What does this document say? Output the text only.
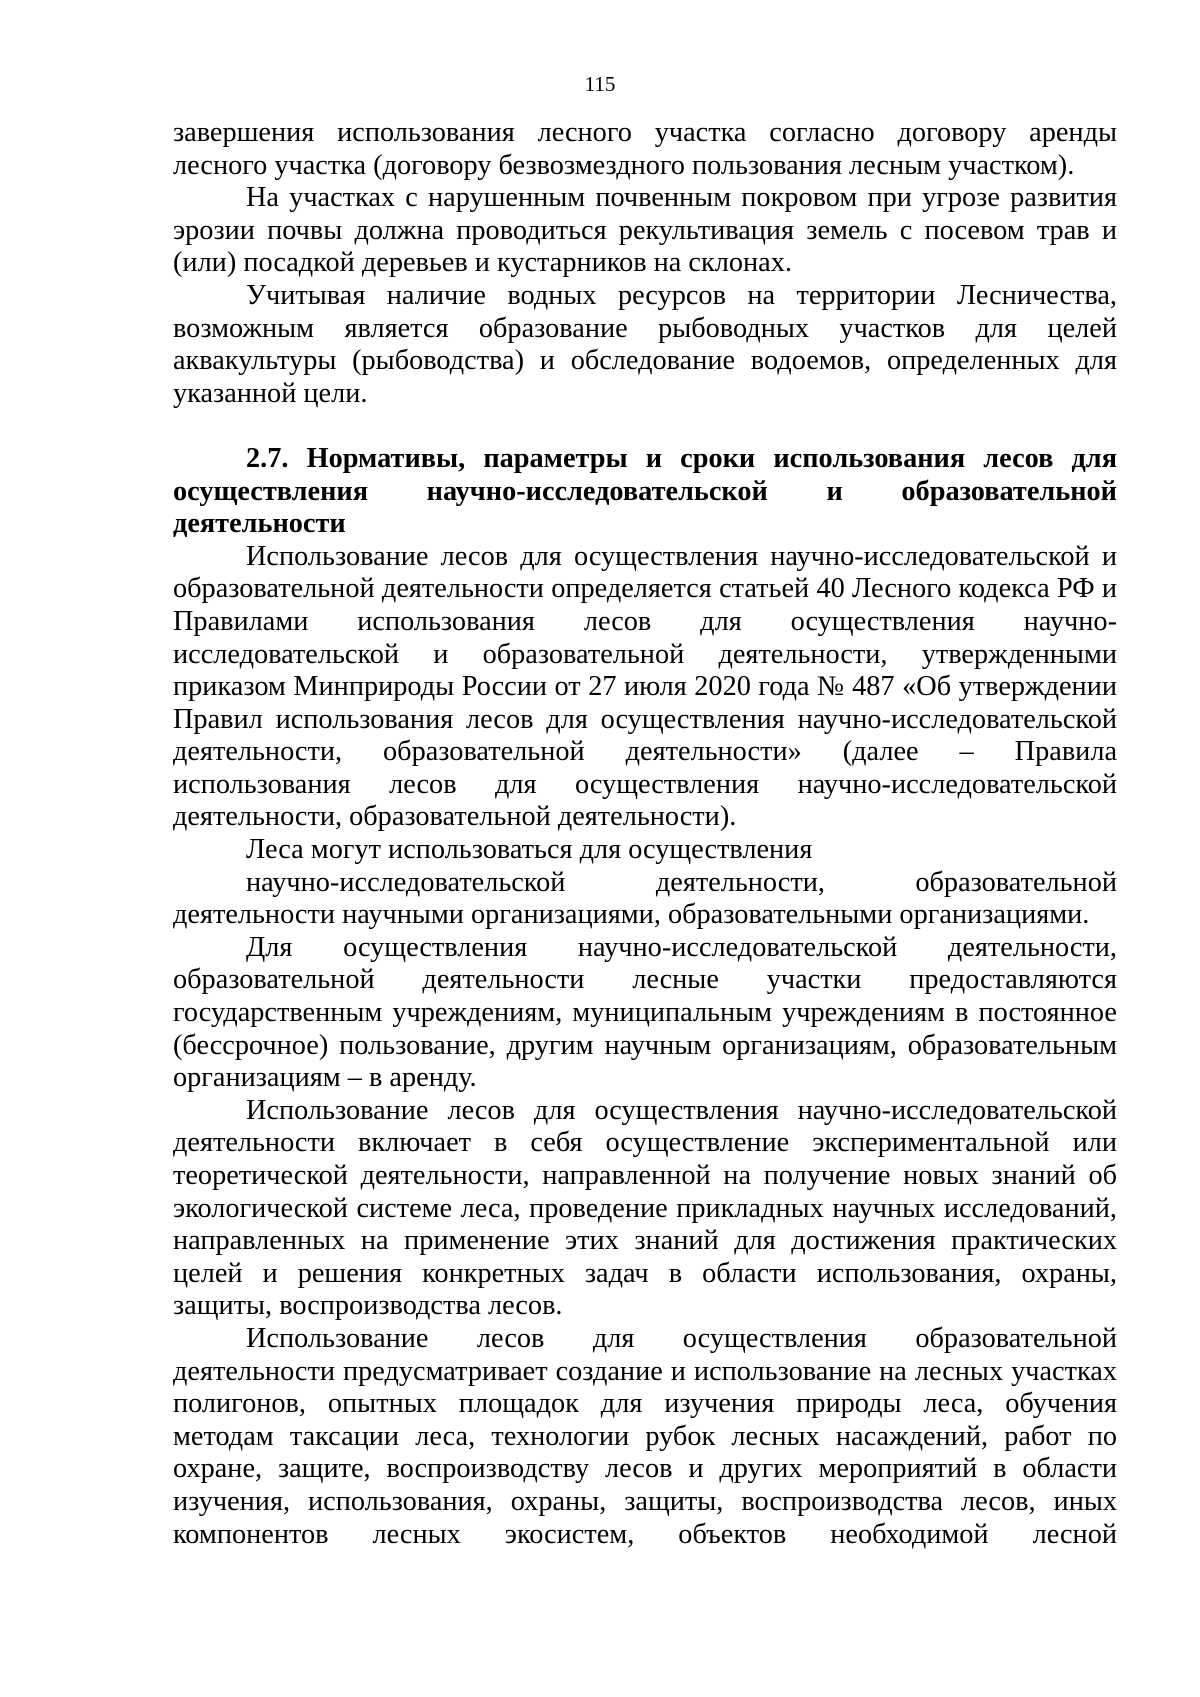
115

завершения использования лесного участка согласно договору аренды лесного участка (договору безвозмездного пользования лесным участком).

На участках с нарушенным почвенным покровом при угрозе развития эрозии почвы должна проводиться рекультивация земель с посевом трав и (или) посадкой деревьев и кустарников на склонах.

Учитывая наличие водных ресурсов на территории Лесничества, возможным является образование рыбоводных участков для целей аквакультуры (рыбоводства) и обследование водоемов, определенных для указанной цели.

2.7. Нормативы, параметры и сроки использования лесов для осуществления научно-исследовательской и образовательной деятельности

Использование лесов для осуществления научно-исследовательской и образовательной деятельности определяется статьей 40 Лесного кодекса РФ и Правилами использования лесов для осуществления научно-исследовательской и образовательной деятельности, утвержденными приказом Минприроды России от 27 июля 2020 года № 487 «Об утверждении Правил использования лесов для осуществления научно-исследовательской деятельности, образовательной деятельности» (далее – Правила использования лесов для осуществления научно-исследовательской деятельности, образовательной деятельности).

Леса могут использоваться для осуществления

научно-исследовательской деятельности, образовательной деятельности научными организациями, образовательными организациями.

Для осуществления научно-исследовательской деятельности, образовательной деятельности лесные участки предоставляются государственным учреждениям, муниципальным учреждениям в постоянное (бессрочное) пользование, другим научным организациям, образовательным организациям – в аренду.

Использование лесов для осуществления научно-исследовательской деятельности включает в себя осуществление экспериментальной или теоретической деятельности, направленной на получение новых знаний об экологической системе леса, проведение прикладных научных исследований, направленных на применение этих знаний для достижения практических целей и решения конкретных задач в области использования, охраны, защиты, воспроизводства лесов.

Использование лесов для осуществления образовательной деятельности предусматривает создание и использование на лесных участках полигонов, опытных площадок для изучения природы леса, обучения методам таксации леса, технологии рубок лесных насаждений, работ по охране, защите, воспроизводству лесов и других мероприятий в области изучения, использования, охраны, защиты, воспроизводства лесов, иных компонентов лесных экосистем, объектов необходимой лесной
